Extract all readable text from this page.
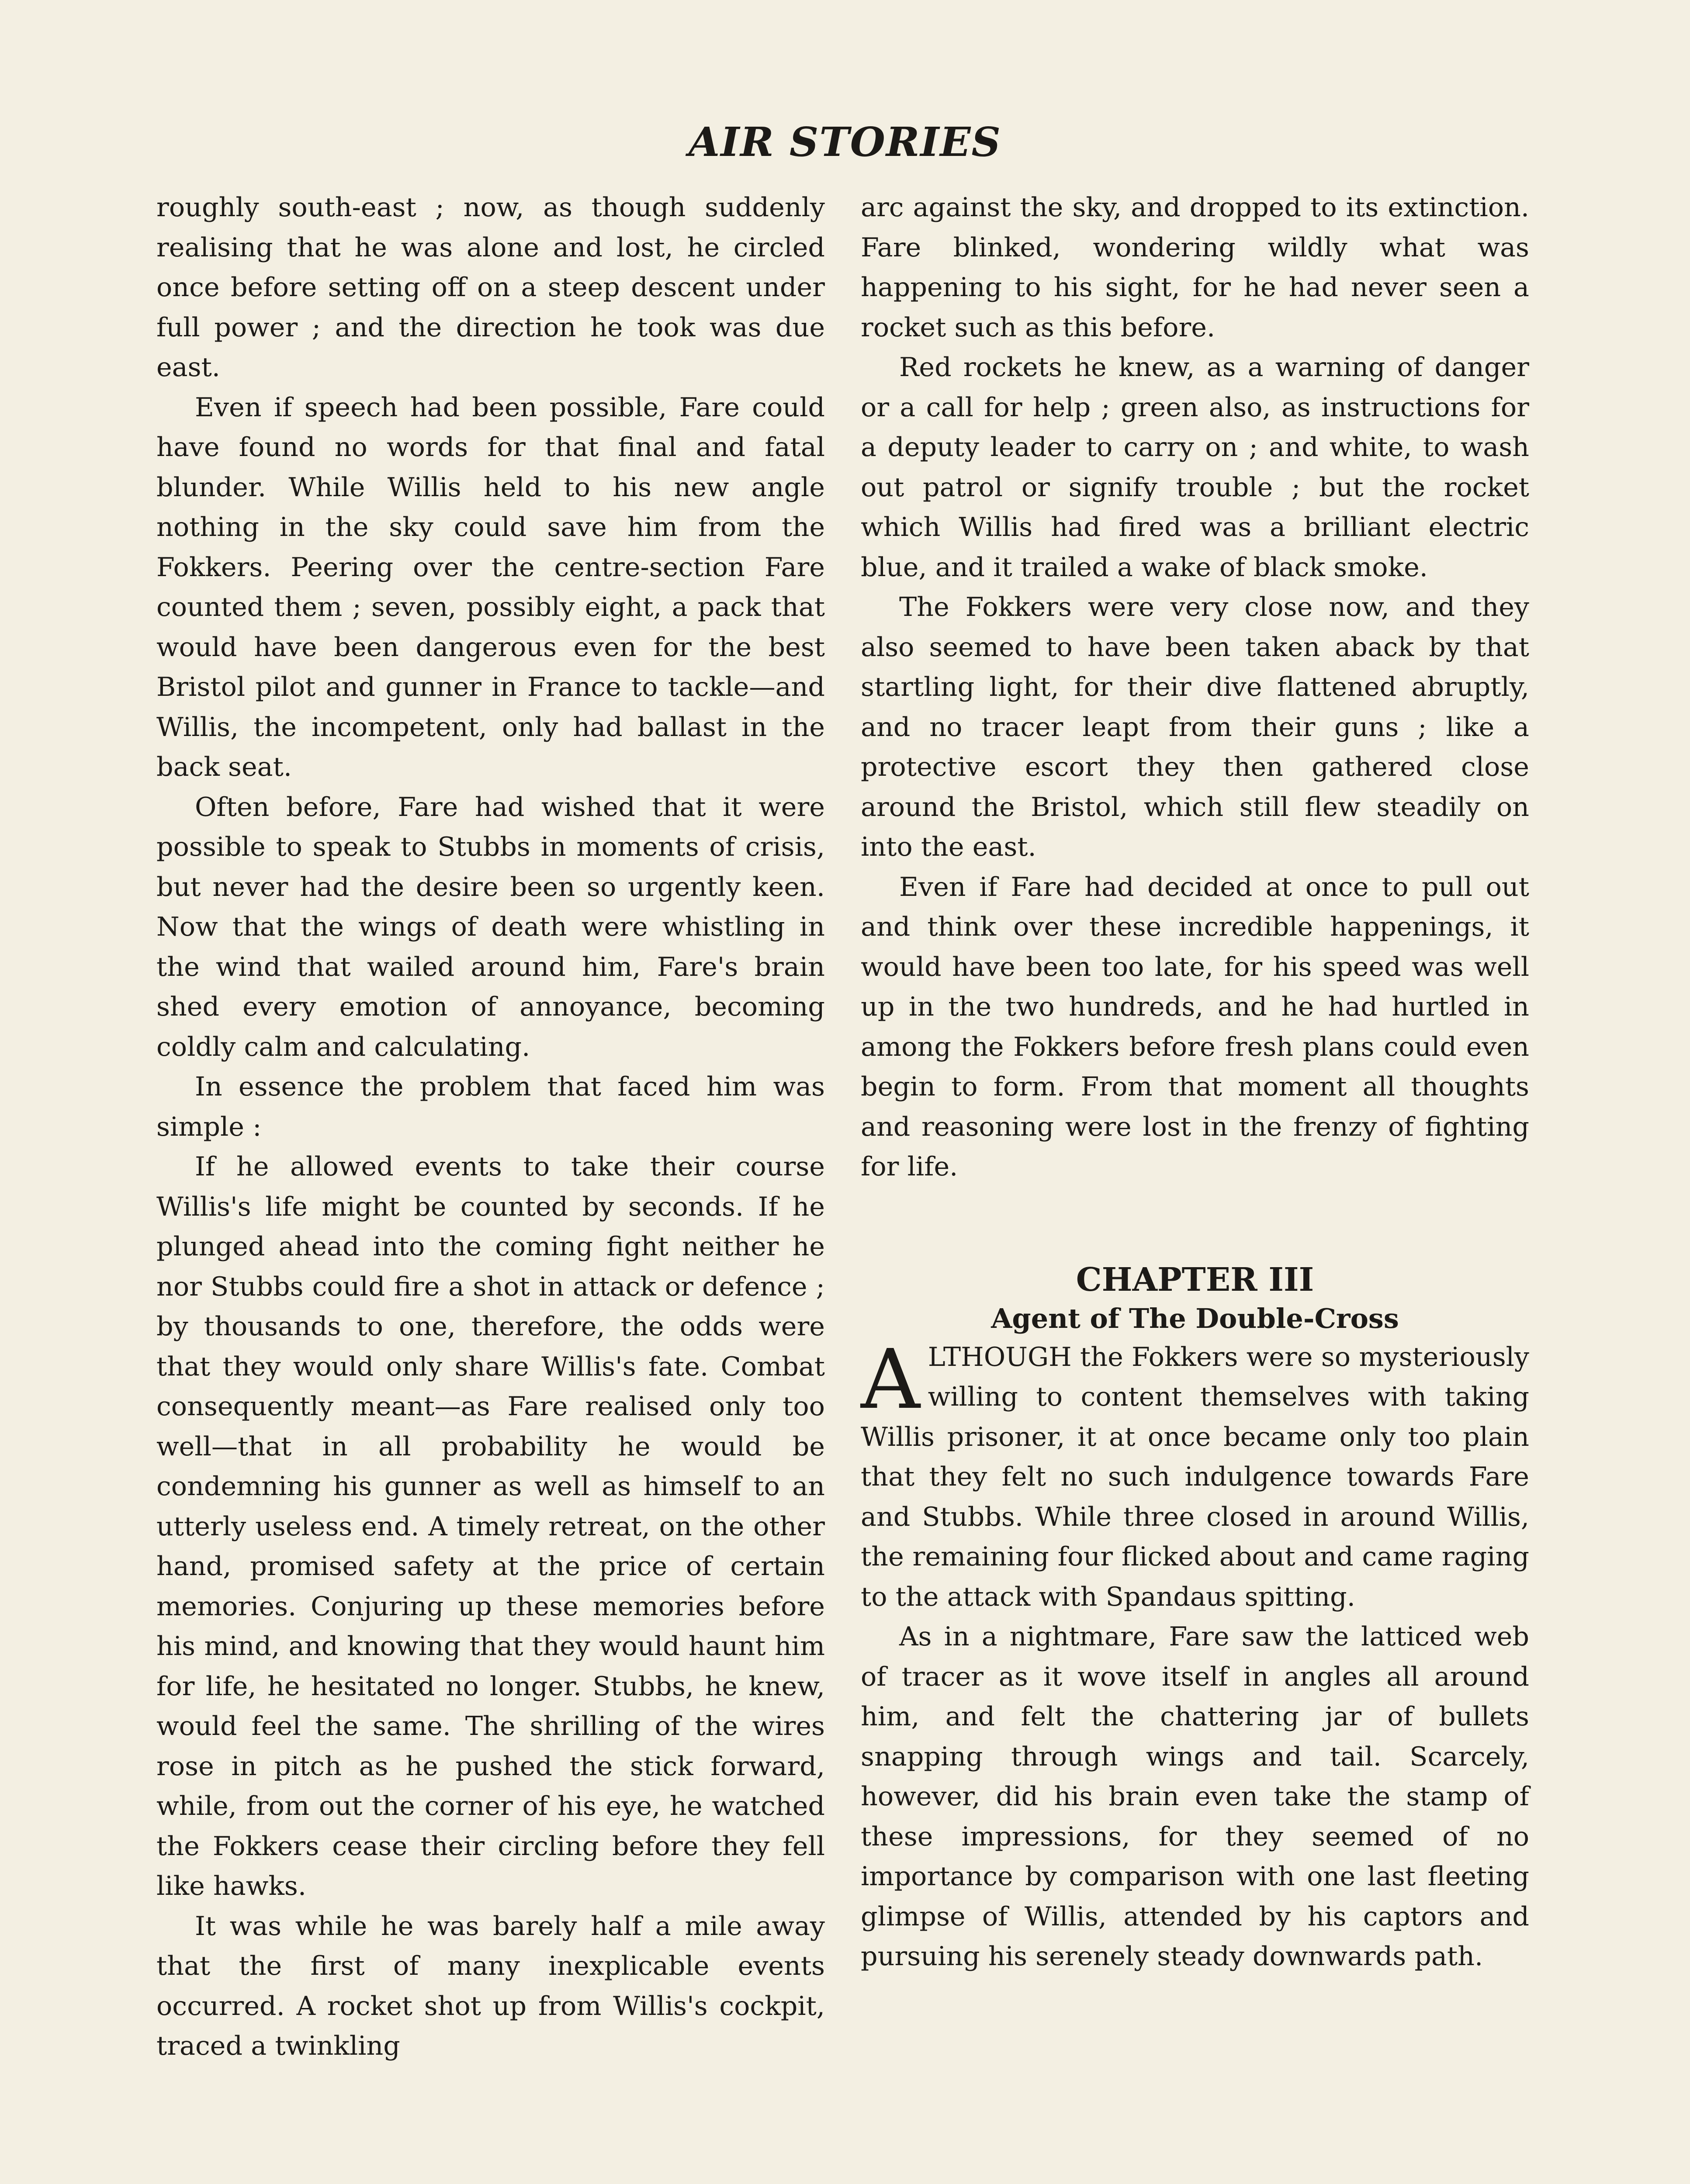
AIR STORIES

roughly south-east ; now, as though suddenly realising that he was alone and lost, he circled once before setting off on a steep descent under full power ; and the direction he took was due east.

Even if speech had been possible, Fare could have found no words for that final and fatal blunder. While Willis held to his new angle nothing in the sky could save him from the Fokkers. Peering over the centre-section Fare counted them ; seven, possibly eight, a pack that would have been dangerous even for the best Bristol pilot and gunner in France to tackle—and Willis, the incompetent, only had ballast in the back seat.

Often before, Fare had wished that it were possible to speak to Stubbs in moments of crisis, but never had the desire been so urgently keen. Now that the wings of death were whistling in the wind that wailed around him, Fare's brain shed every emotion of annoyance, becoming coldly calm and calculating.

In essence the problem that faced him was simple :

If he allowed events to take their course Willis's life might be counted by seconds. If he plunged ahead into the coming fight neither he nor Stubbs could fire a shot in attack or defence ; by thousands to one, therefore, the odds were that they would only share Willis's fate. Combat consequently meant—as Fare realised only too well—that in all probability he would be condemning his gunner as well as himself to an utterly useless end. A timely retreat, on the other hand, promised safety at the price of certain memories. Conjuring up these memories before his mind, and knowing that they would haunt him for life, he hesitated no longer. Stubbs, he knew, would feel the same. The shrilling of the wires rose in pitch as he pushed the stick forward, while, from out the corner of his eye, he watched the Fokkers cease their circling before they fell like hawks.

It was while he was barely half a mile away that the first of many inexplicable events occurred. A rocket shot up from Willis's cockpit, traced a twinkling

arc against the sky, and dropped to its extinction. Fare blinked, wondering wildly what was happening to his sight, for he had never seen a rocket such as this before.

Red rockets he knew, as a warning of danger or a call for help ; green also, as instructions for a deputy leader to carry on ; and white, to wash out patrol or signify trouble ; but the rocket which Willis had fired was a brilliant electric blue, and it trailed a wake of black smoke.

The Fokkers were very close now, and they also seemed to have been taken aback by that startling light, for their dive flattened abruptly, and no tracer leapt from their guns ; like a protective escort they then gathered close around the Bristol, which still flew steadily on into the east.

Even if Fare had decided at once to pull out and think over these incredible happenings, it would have been too late, for his speed was well up in the two hundreds, and he had hurtled in among the Fokkers before fresh plans could even begin to form. From that moment all thoughts and reasoning were lost in the frenzy of fighting for life.

CHAPTER III
Agent of The Double-Cross

ALTHOUGH the Fokkers were so mysteriously willing to content themselves with taking Willis prisoner, it at once became only too plain that they felt no such indulgence towards Fare and Stubbs. While three closed in around Willis, the remaining four flicked about and came raging to the attack with Spandaus spitting.

As in a nightmare, Fare saw the latticed web of tracer as it wove itself in angles all around him, and felt the chattering jar of bullets snapping through wings and tail. Scarcely, however, did his brain even take the stamp of these impressions, for they seemed of no importance by comparison with one last fleeting glimpse of Willis, attended by his captors and pursuing his serenely steady downwards path.
